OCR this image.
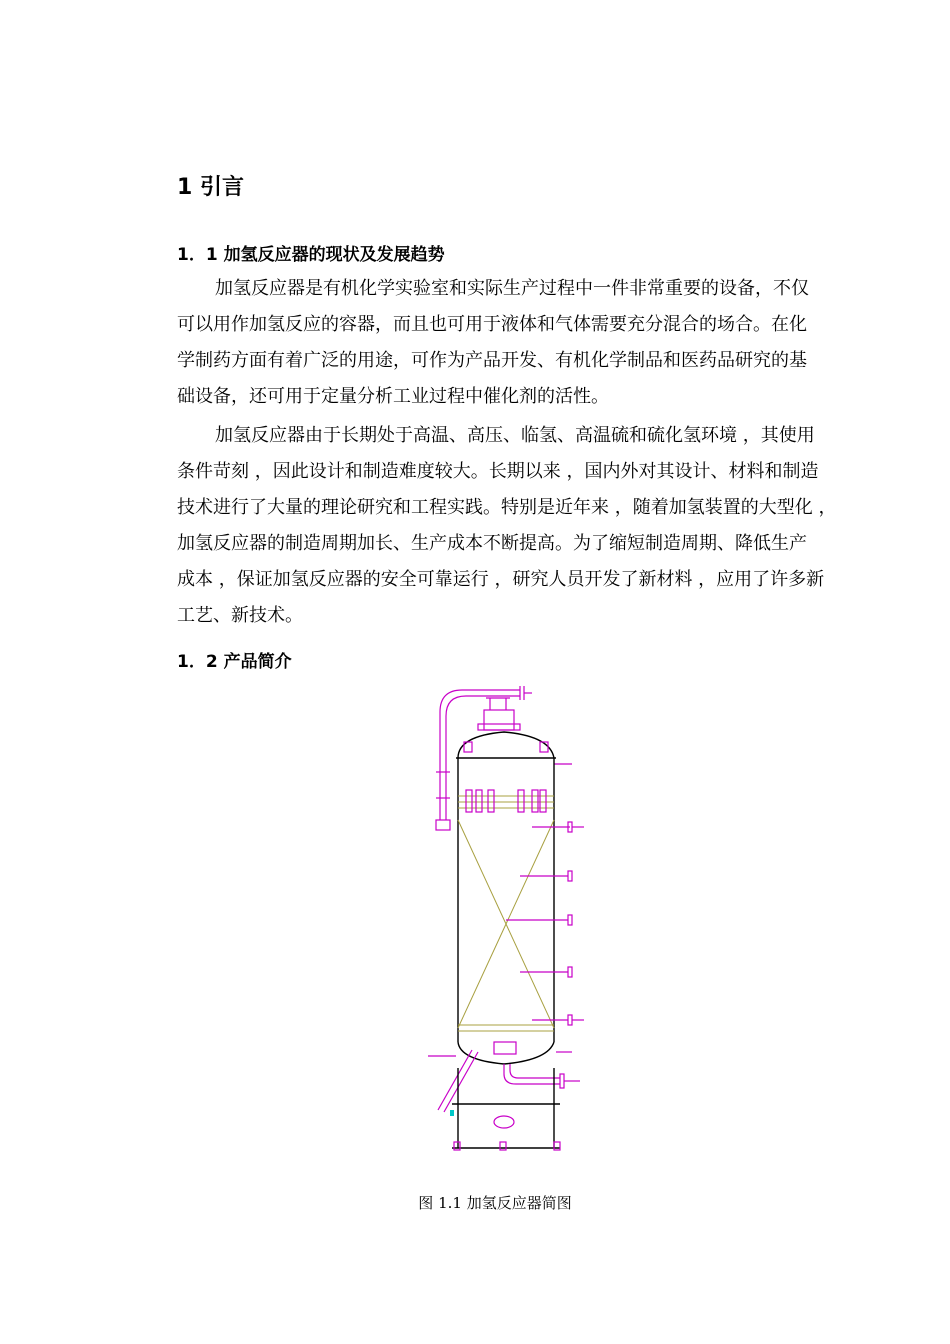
1 引言
1．1 加氢反应器的现状及发展趋势

加氢反应器是有机化学实验室和实际生产过程中一件非常重要的设备，不仅
可以用作加氢反应的容器，而且也可用于液体和气体需要充分混合的场合。在化
学制药方面有着广泛的用途，可作为产品开发、有机化学制品和医药品研究的基
础设备，还可用于定量分析工业过程中催化剂的活性。

加氢反应器由于长期处于高温、高压、临氢、高温硫和硫化氢环境 ，其使用
条件苛刻 ，因此设计和制造难度较大。长期以来 ，国内外对其设计、材料和制造
技术进行了大量的理论研究和工程实践。特别是近年来 ，随着加氢装置的大型化 ，
加氢反应器的制造周期加长、生产成本不断提高。为了缩短制造周期、降低生产
成本 ，保证加氢反应器的安全可靠运行 ，研究人员开发了新材料 ，应用了许多新
工艺、新技术。

1．2 产品简介
图 1.1 加氢反应器简图
